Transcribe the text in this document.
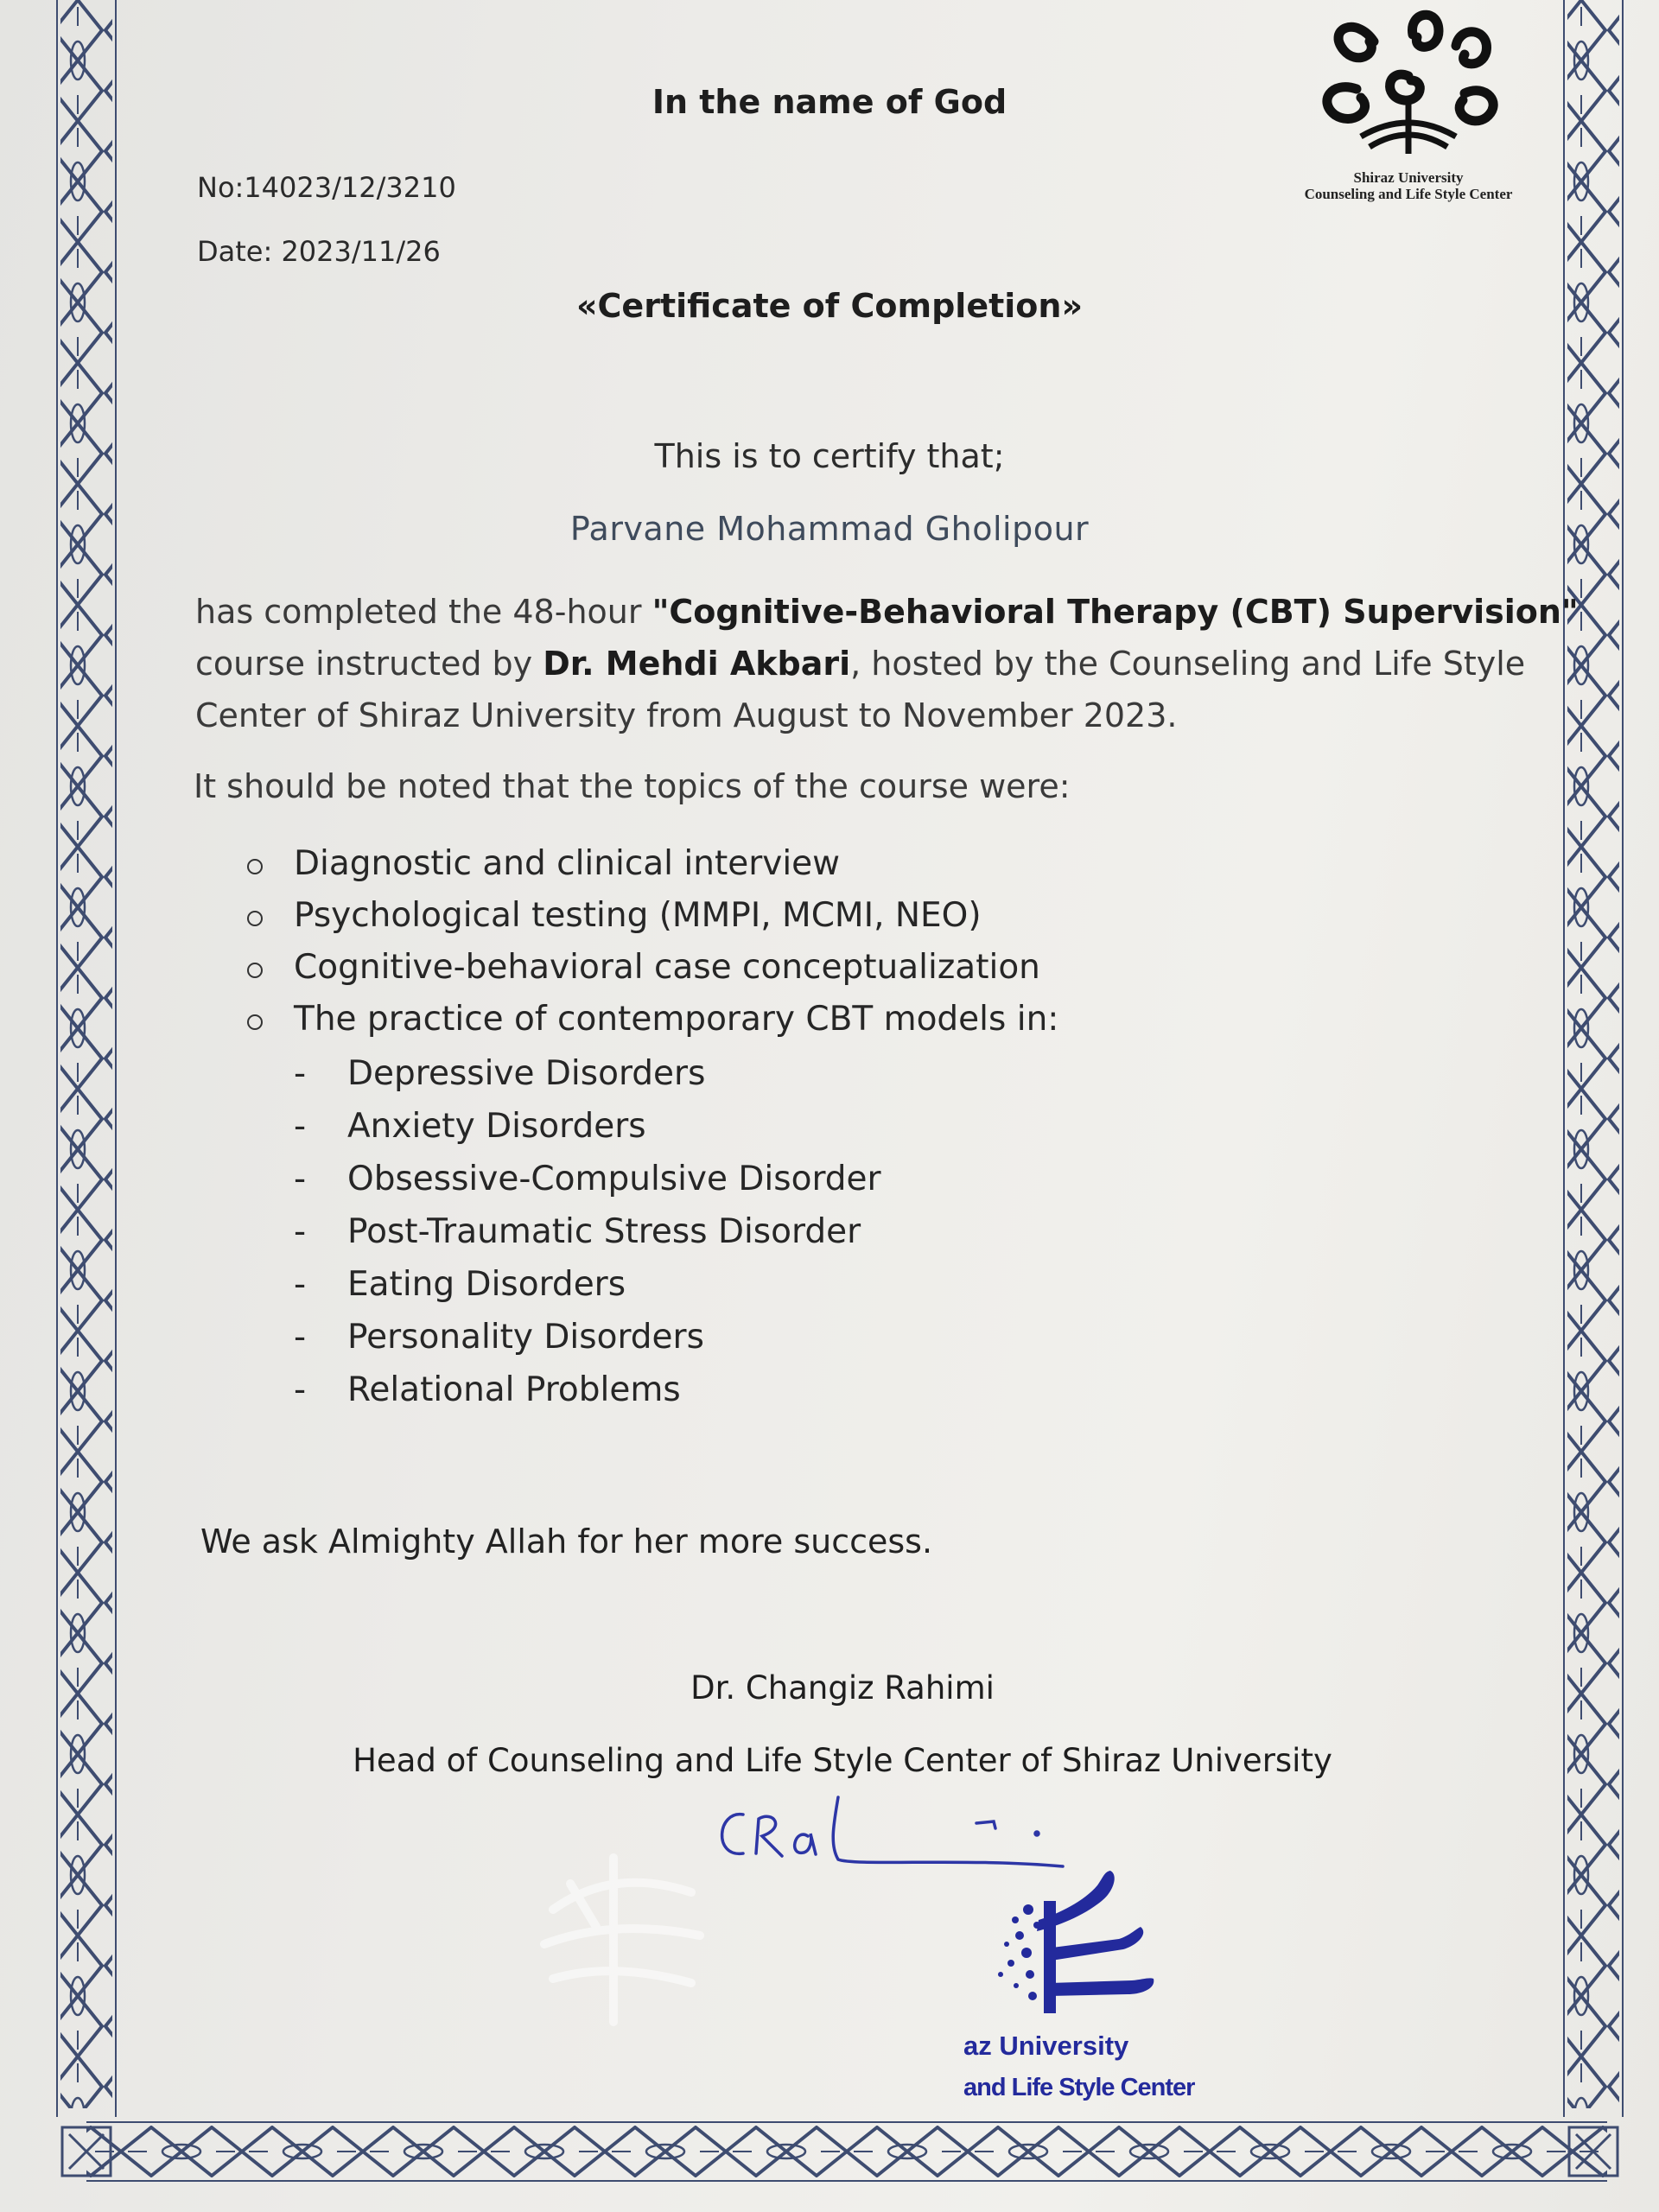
Shiraz University
Counseling and Life Style Center

In the name of God

No:14023/12/3210

Date: 2023/11/26

«Certificate of Completion»

This is to certify that;

Parvane Mohammad Gholipour

has completed the 48-hour "Cognitive-Behavioral Therapy (CBT) Supervision"
course instructed by Dr. Mehdi Akbari, hosted by the Counseling and Life Style
Center of Shiraz University from August to November 2023.

It should be noted that the topics of the course were:

Diagnostic and clinical interview
Psychological testing (MMPI, MCMI, NEO)
Cognitive-behavioral case conceptualization
The practice of contemporary CBT models in:
- Depressive Disorders
- Anxiety Disorders
- Obsessive-Compulsive Disorder
- Post-Traumatic Stress Disorder
- Eating Disorders
- Personality Disorders
- Relational Problems

We ask Almighty Allah for her more success.

Dr. Changiz Rahimi

Head of Counseling and Life Style Center of Shiraz University

az University
and Life Style Center
